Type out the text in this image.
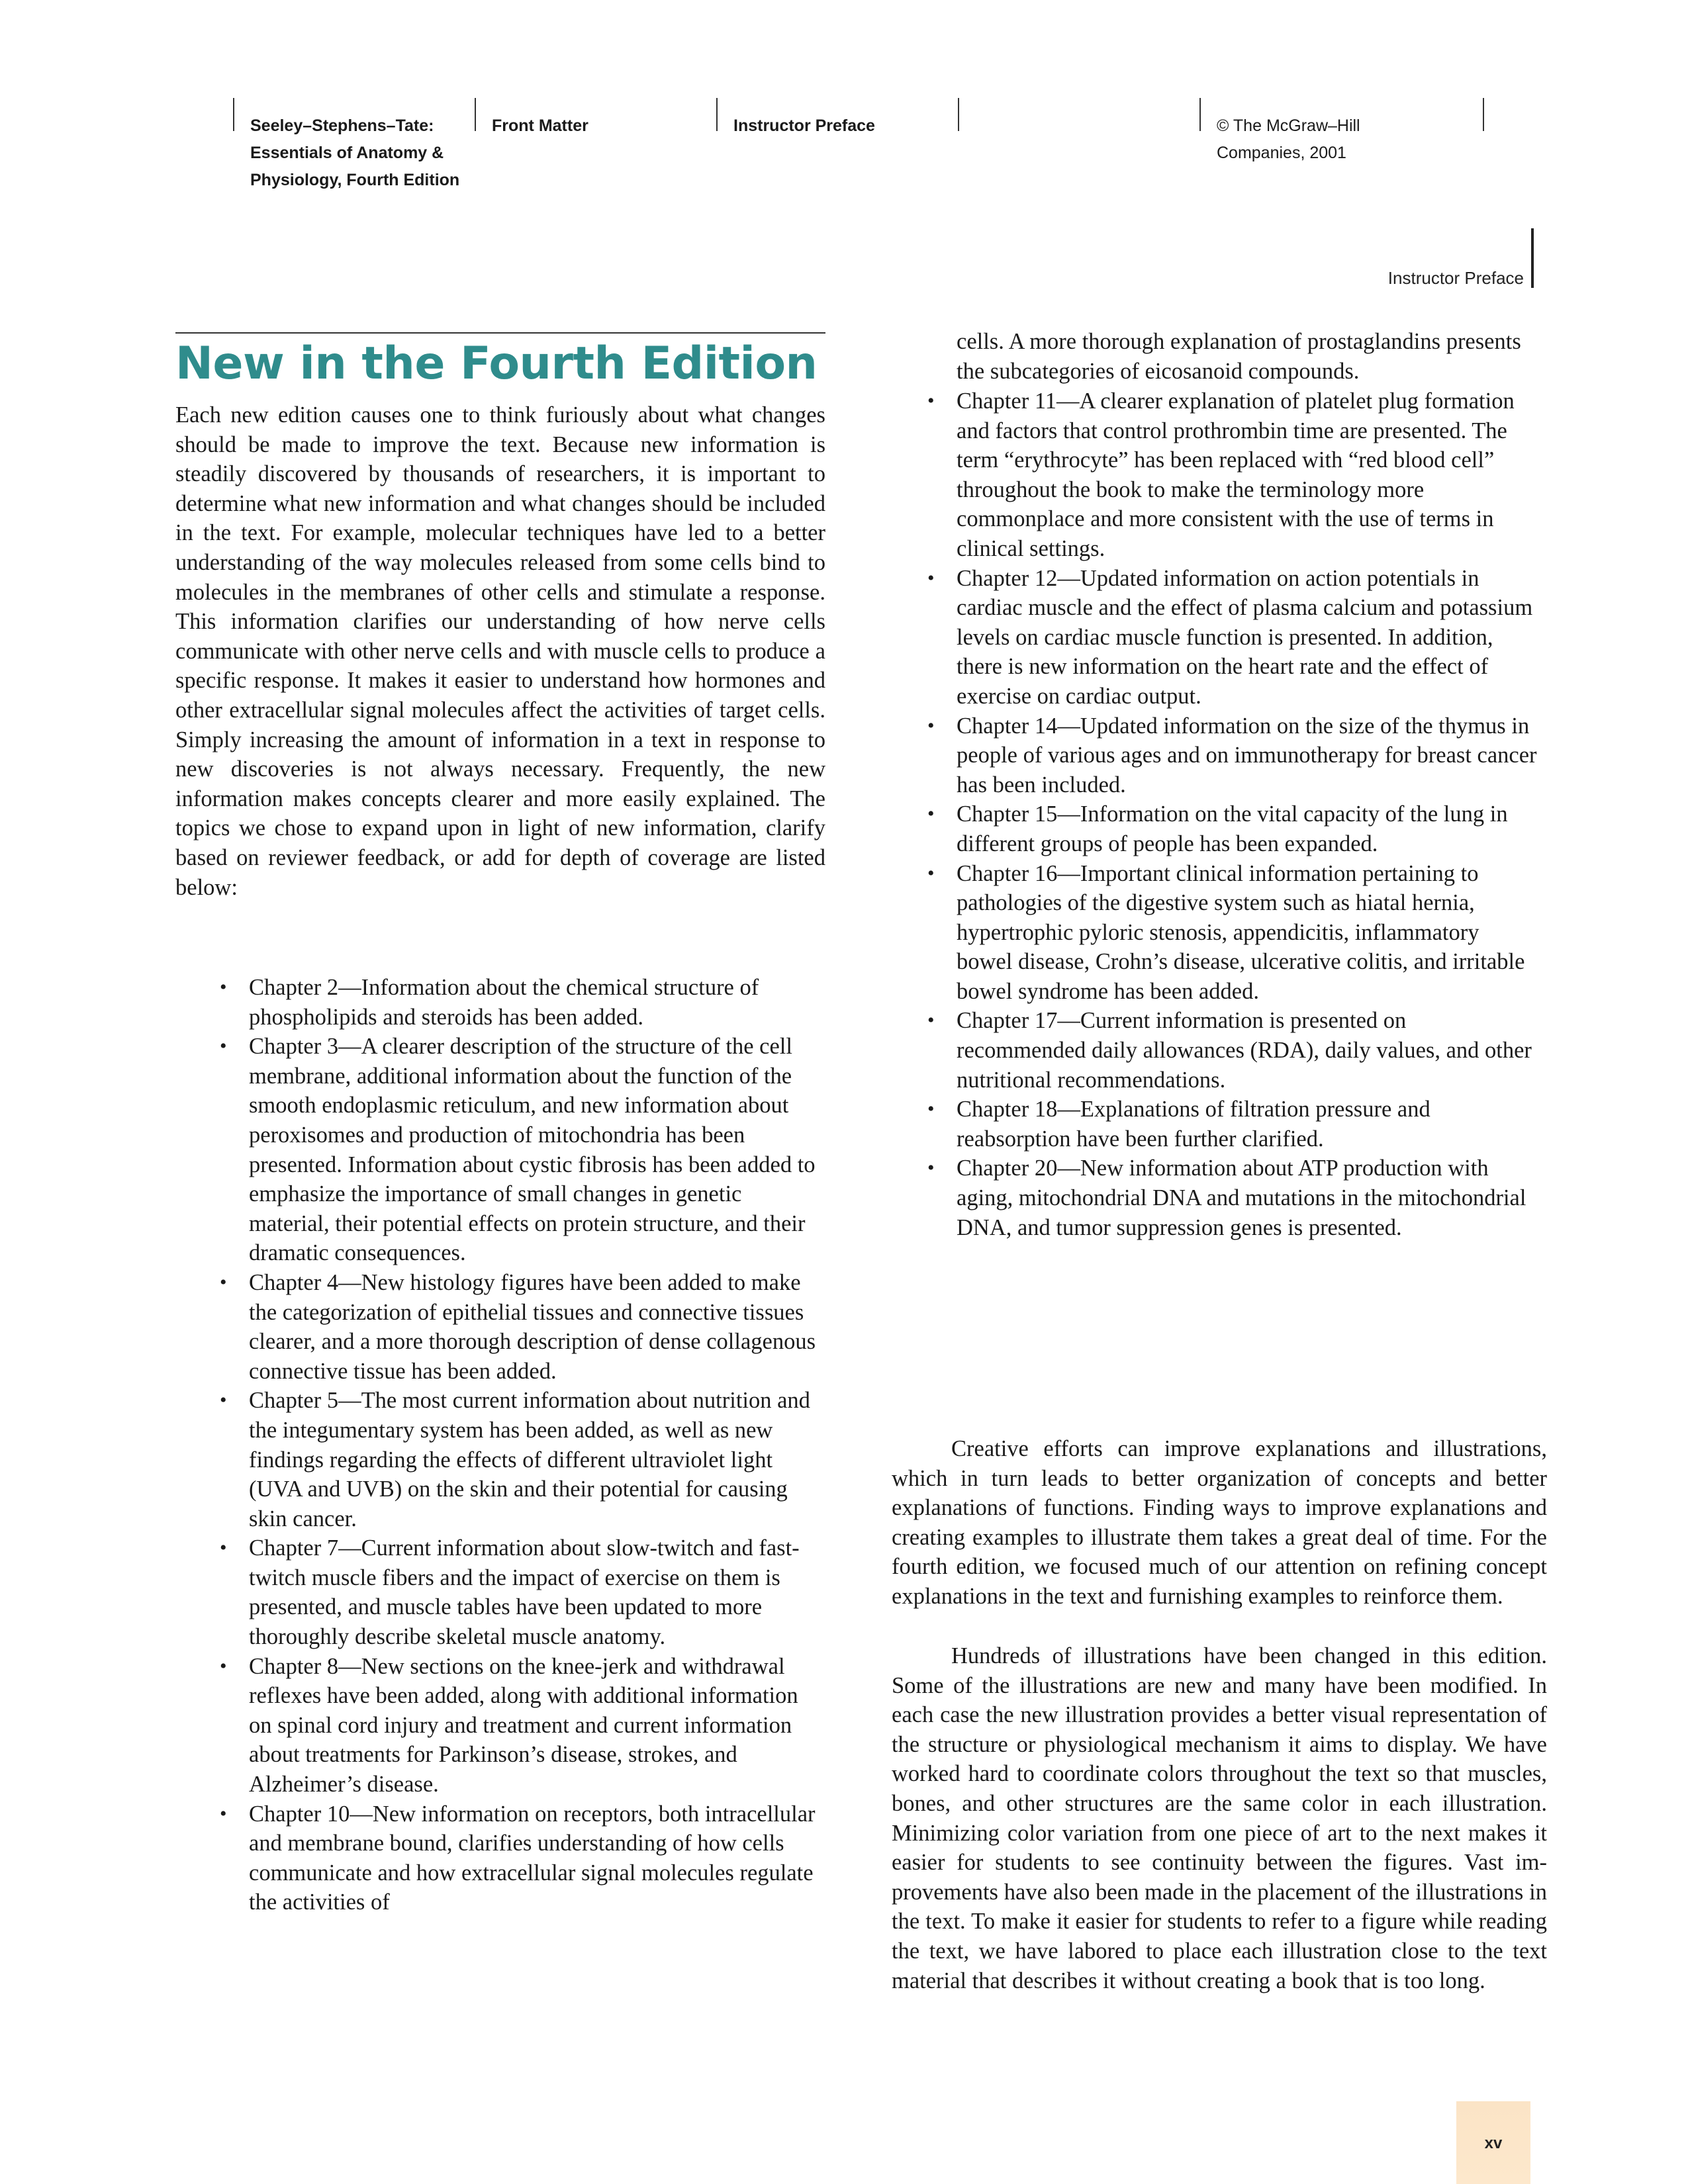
Seeley–Stephens–Tate:
Essentials of Anatomy &
Physiology, Fourth Edition
Front Matter	Instructor Preface	© The McGraw–Hill
Companies, 2001
Instructor Preface
New in the Fourth Edition

Each new edition causes one to think furiously about what changes should be made to improve the text. Because new information is steadily discovered by thousands of researchers, it is important to determine what new information and what changes should be included in the text. For example, molecular techniques have led to a better understanding of the way molecules released from some cells bind to molecules in the membranes of other cells and stimulate a response. This information clarifies our understanding of how nerve cells communicate with other nerve cells and with muscle cells to produce a specific response. It makes it easier to understand how hormones and other extracellular signal molecules affect the activities of target cells. Simply increasing the amount of information in a text in response to new discoveries is not always necessary. Frequently, the new information makes concepts clearer and more easily explained. The topics we chose to expand upon in light of new information, clarify based on reviewer feedback, or add for depth of coverage are listed below:

• Chapter 2—Information about the chemical structure of phospholipids and steroids has been added.
• Chapter 3—A clearer description of the structure of the cell membrane, additional information about the function of the smooth endoplasmic reticulum, and new information about peroxisomes and production of mitochondria has been presented. Information about cystic fibrosis has been added to emphasize the importance of small changes in genetic material, their potential effects on protein structure, and their dramatic consequences.
• Chapter 4—New histology figures have been added to make the categorization of epithelial tissues and connective tissues clearer, and a more thorough description of dense collagenous connective tissue has been added.
• Chapter 5—The most current information about nutrition and the integumentary system has been added, as well as new findings regarding the effects of different ultraviolet light (UVA and UVB) on the skin and their potential for causing skin cancer.
• Chapter 7—Current information about slow-twitch and fast-twitch muscle fibers and the impact of exercise on them is presented, and muscle tables have been updated to more thoroughly describe skeletal muscle anatomy.
• Chapter 8—New sections on the knee-jerk and withdrawal reflexes have been added, along with additional information on spinal cord injury and treatment and current information about treatments for Parkinson’s disease, strokes, and Alzheimer’s disease.
• Chapter 10—New information on receptors, both intracellular and membrane bound, clarifies understanding of how cells communicate and how extracellular signal molecules regulate the activities of

cells. A more thorough explanation of prostaglandins presents the subcategories of eicosanoid compounds.

• Chapter 11—A clearer explanation of platelet plug formation and factors that control prothrombin time are presented. The term “erythrocyte” has been replaced with “red blood cell” throughout the book to make the terminology more commonplace and more consistent with the use of terms in clinical settings.
• Chapter 12—Updated information on action potentials in cardiac muscle and the effect of plasma calcium and potassium levels on cardiac muscle function is presented. In addition, there is new information on the heart rate and the effect of exercise on cardiac output.
• Chapter 14—Updated information on the size of the thymus in people of various ages and on immunotherapy for breast cancer has been included.
• Chapter 15—Information on the vital capacity of the lung in different groups of people has been expanded.
• Chapter 16—Important clinical information pertaining to pathologies of the digestive system such as hiatal hernia, hypertrophic pyloric stenosis, appendicitis, inflammatory bowel disease, Crohn’s disease, ulcerative colitis, and irritable bowel syndrome has been added.
• Chapter 17—Current information is presented on recommended daily allowances (RDA), daily values, and other nutritional recommendations.
• Chapter 18—Explanations of filtration pressure and reabsorption have been further clarified.
• Chapter 20—New information about ATP production with aging, mitochondrial DNA and mutations in the mitochondrial DNA, and tumor suppression genes is presented.

Creative efforts can improve explanations and illustrations, which in turn leads to better organization of concepts and better explanations of functions. Finding ways to improve explanations and creating examples to illustrate them takes a great deal of time. For the fourth edition, we focused much of our attention on refining concept explanations in the text and furnishing examples to reinforce them.

Hundreds of illustrations have been changed in this edition. Some of the illustrations are new and many have been modified. In each case the new illustration provides a better visual representation of the structure or physiological mechanism it aims to display. We have worked hard to coordinate colors throughout the text so that muscles, bones, and other structures are the same color in each illustration. Minimizing color variation from one piece of art to the next makes it easier for students to see continuity between the figures. Vast improvements have also been made in the placement of the illustrations in the text. To make it easier for students to refer to a figure while reading the text, we have labored to place each illustration close to the text material that describes it without creating a book that is too long.

xv
